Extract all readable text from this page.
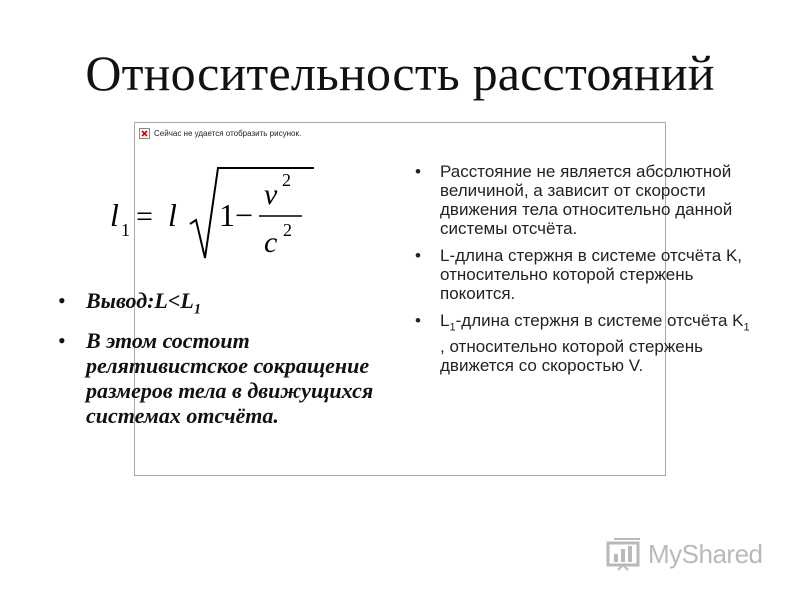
Относительность расстояний
Сейчас не удается отобразить рисунок.
l 1 = l 1−
v 2
c 2
• $Вывод:L<L_1$
• В этом состоит релятивистское сокращение размеров тела в движущихся системах отсчёта.
• Расстояние не является абсолютной величиной, а зависит от скорости движения тела относительно данной системы отсчёта.
• L-длина стержня в системе отсчёта K, относительно которой стержень покоится.
• $L_1$-длина стержня в системе отсчёта $K_1$ , относительно которой стержень движется со скоростью V.
MyShared
